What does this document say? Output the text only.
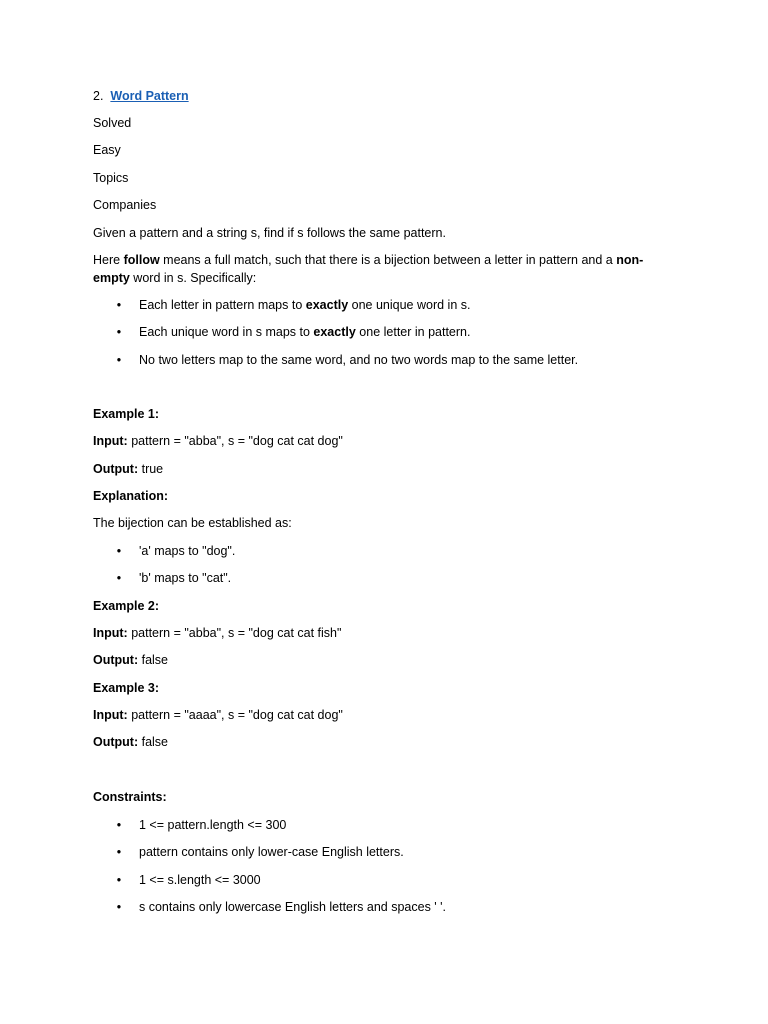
2. Word Pattern
Solved
Easy
Topics
Companies
Given a pattern and a string s, find if s follows the same pattern.
Here follow means a full match, such that there is a bijection between a letter in pattern and a non-
empty word in s. Specifically:
• Each letter in pattern maps to exactly one unique word in s.
• Each unique word in s maps to exactly one letter in pattern.
• No two letters map to the same word, and no two words map to the same letter.
Example 1:
Input: pattern = "abba", s = "dog cat cat dog"
Output: true
Explanation:
The bijection can be established as:
• 'a' maps to "dog".
• 'b' maps to "cat".
Example 2:
Input: pattern = "abba", s = "dog cat cat fish"
Output: false
Example 3:
Input: pattern = "aaaa", s = "dog cat cat dog"
Output: false
Constraints:
• 1 <= pattern.length <= 300
• pattern contains only lower-case English letters.
• 1 <= s.length <= 3000
• s contains only lowercase English letters and spaces ' '.
